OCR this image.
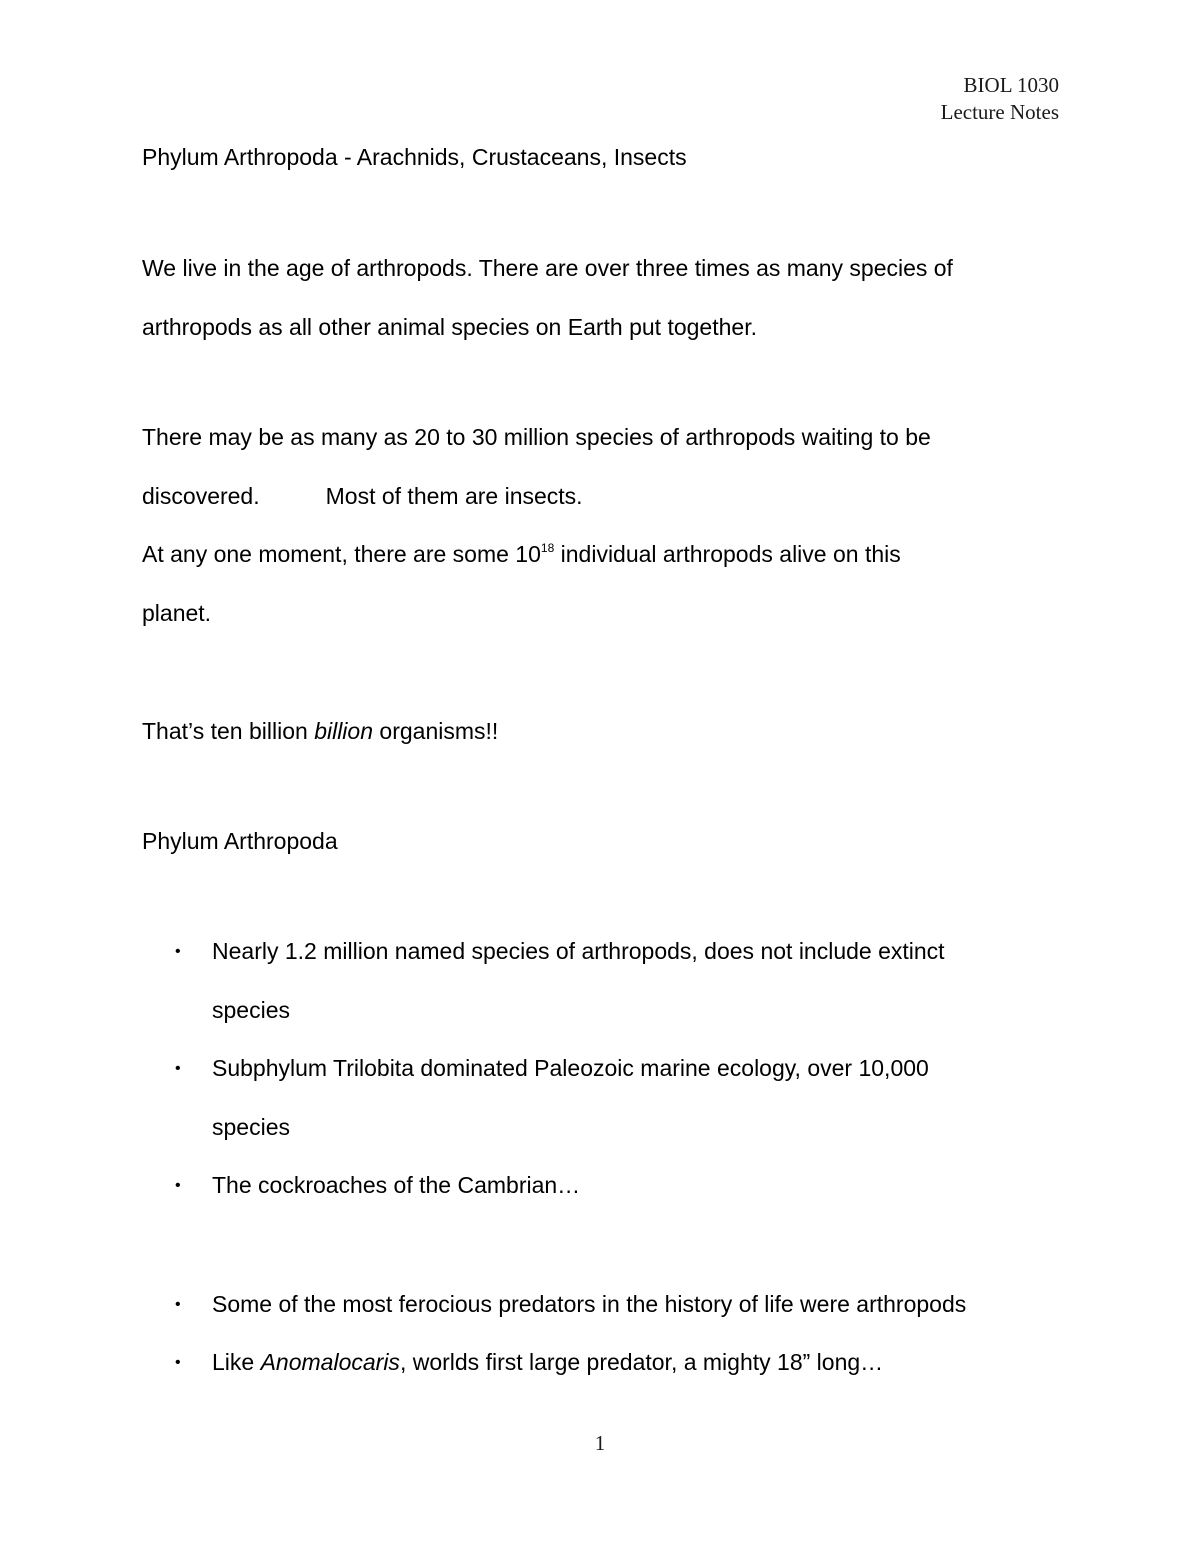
BIOL 1030
Lecture Notes
Phylum Arthropoda - Arachnids, Crustaceans, Insects
We live in the age of arthropods. There are over three times as many species of
arthropods as all other animal species on Earth put together.
There may be as many as 20 to 30 million species of arthropods waiting to be
discovered.	Most of them are insects.
At any one moment, there are some $10^{18}$ individual arthropods alive on this
planet.
That’s ten billion billion organisms!!
Phylum Arthropoda
• Nearly 1.2 million named species of arthropods, does not include extinct
species
• Subphylum Trilobita dominated Paleozoic marine ecology, over 10,000
species
• The cockroaches of the Cambrian…
• Some of the most ferocious predators in the history of life were arthropods
• Like Anomalocaris, worlds first large predator, a mighty 18” long…
1
